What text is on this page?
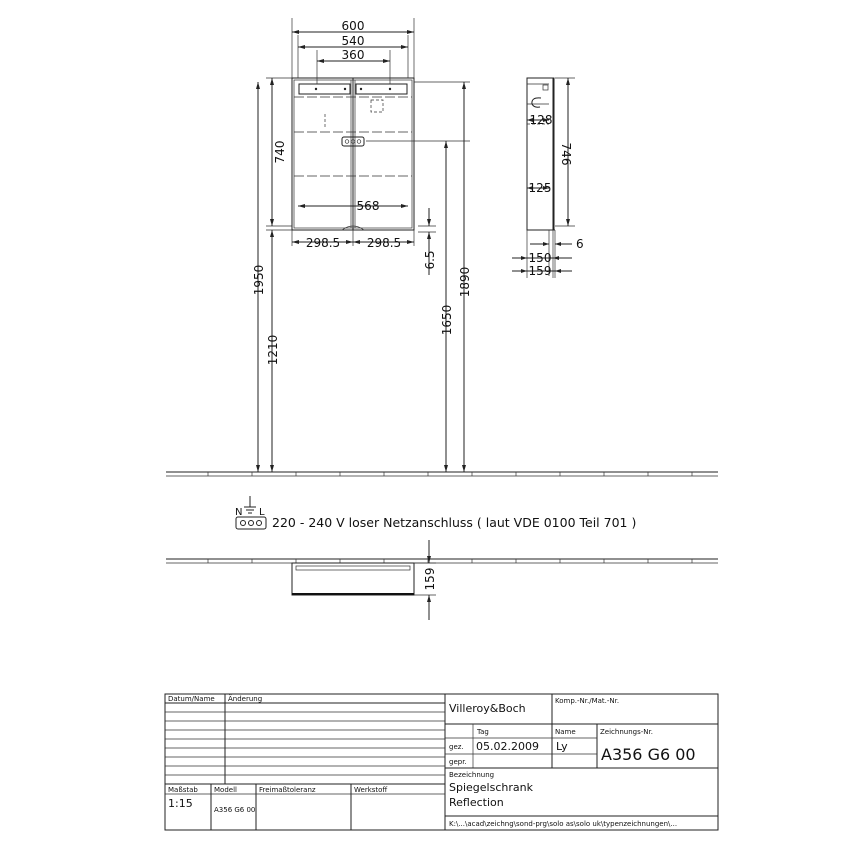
600
540
360
740
568
298.5 298.5
6.5
1950
1210
1650
1890
128
125
746
6
150
159
N L
220 - 240 V loser Netzanschluss ( laut VDE 0100 Teil 701 )
159
Datum/Name Änderung
Villeroy&Boch
Komp.-Nr./Mat.-Nr.
Tag	Name	Zeichnungs-Nr.
gez. 05.02.2009 Ly
gepr.	A356 G6 00
Bezeichnung
Spiegelschrank
Reflection
Maßstab
1:15
Modell
A356 G6 00
Freimaßtoleranz	Werkstoff
K:\...\acad\zeichng\sond-prg\solo as\solo uk\typenzeichnungen\...
